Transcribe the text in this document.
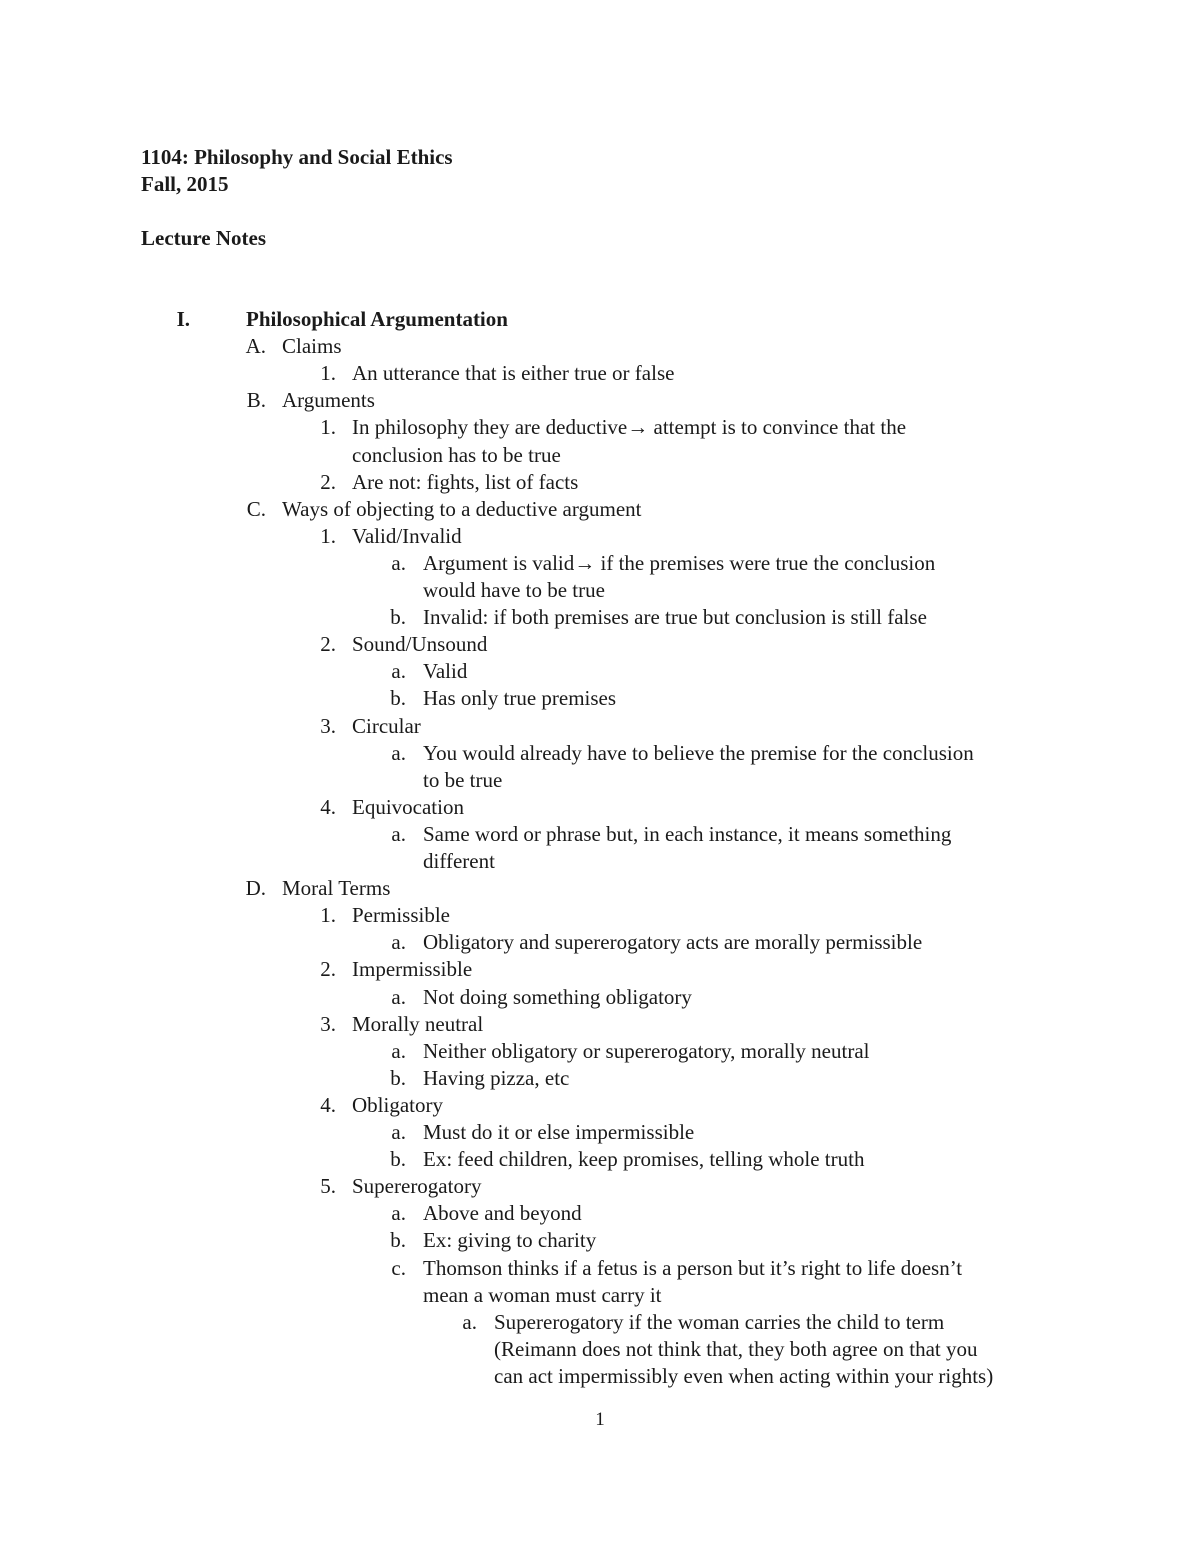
1104: Philosophy and Social Ethics
Fall, 2015
Lecture Notes
I.	Philosophical Argumentation
A. Claims
1. An utterance that is either true or false
B. Arguments
1. In philosophy they are deductive→ attempt is to convince that the
conclusion has to be true
2. Are not: fights, list of facts
C. Ways of objecting to a deductive argument
1. Valid/Invalid
a. Argument is valid→ if the premises were true the conclusion
would have to be true
b. Invalid: if both premises are true but conclusion is still false
2. Sound/Unsound
a. Valid
b. Has only true premises
3. Circular
a. You would already have to believe the premise for the conclusion
to be true
4. Equivocation
a. Same word or phrase but, in each instance, it means something
different
D. Moral Terms
1. Permissible
a. Obligatory and supererogatory acts are morally permissible
2. Impermissible
a. Not doing something obligatory
3. Morally neutral
a. Neither obligatory or supererogatory, morally neutral
b. Having pizza, etc
4. Obligatory
a. Must do it or else impermissible
b. Ex: feed children, keep promises, telling whole truth
5. Supererogatory
a. Above and beyond
b. Ex: giving to charity
c. Thomson thinks if a fetus is a person but it’s right to life doesn’t
mean a woman must carry it
a. Supererogatory if the woman carries the child to term
(Reimann does not think that, they both agree on that you
can act impermissibly even when acting within your rights)
1
